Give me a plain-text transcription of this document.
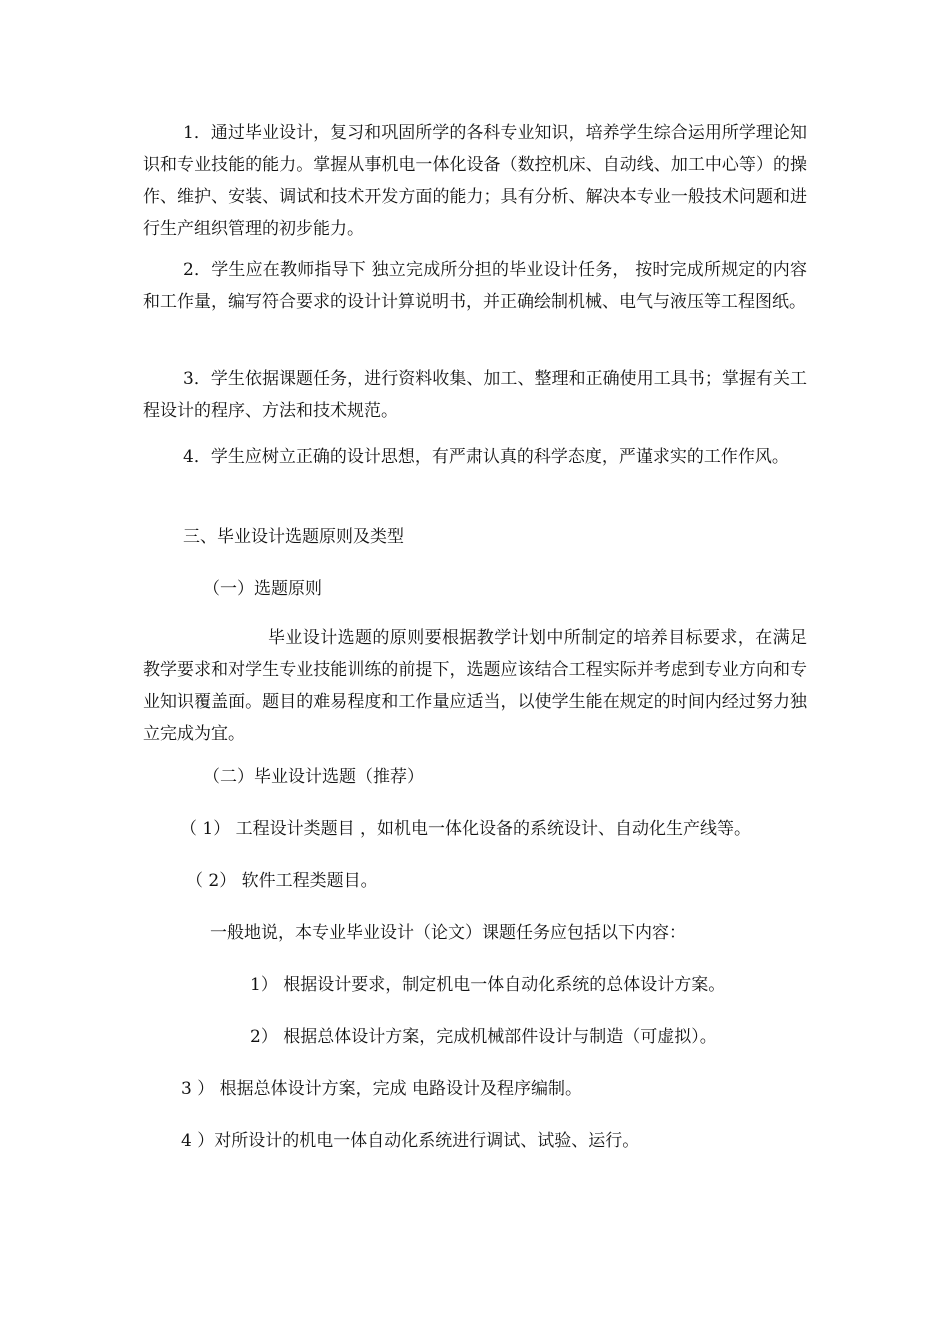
1．通过毕业设计，复习和巩固所学的各科专业知识，培养学生综合运用所学理论知识和专业技能的能力。掌握从事机电一体化设备（数控机床、自动线、加工中心等）的操作、维护、安装、调试和技术开发方面的能力；具有分析、解决本专业一般技术问题和进行生产组织管理的初步能力。

2．学生应在教师指导下 独立完成所分担的毕业设计任务， 按时完成所规定的内容和工作量，编写符合要求的设计计算说明书，并正确绘制机械、电气与液压等工程图纸。

3．学生依据课题任务，进行资料收集、加工、整理和正确使用工具书；掌握有关工程设计的程序、方法和技术规范。

4．学生应树立正确的设计思想，有严肃认真的科学态度，严谨求实的工作作风。

三、毕业设计选题原则及类型

（一）选题原则

毕业设计选题的原则要根据教学计划中所制定的培养目标要求，在满足教学要求和对学生专业技能训练的前提下，选题应该结合工程实际并考虑到专业方向和专业知识覆盖面。题目的难易程度和工作量应适当，以使学生能在规定的时间内经过努力独立完成为宜。

（二）毕业设计选题（推荐）

（ 1） 工程设计类题目 ，如机电一体化设备的系统设计、自动化生产线等。

（ 2） 软件工程类题目。

一般地说，本专业毕业设计（论文）课题任务应包括以下内容：

1） 根据设计要求，制定机电一体自动化系统的总体设计方案。

2） 根据总体设计方案，完成机械部件设计与制造（可虚拟）。

3 ） 根据总体设计方案，完成 电路设计及程序编制。

4 ）对所设计的机电一体自动化系统进行调试、试验、运行。
